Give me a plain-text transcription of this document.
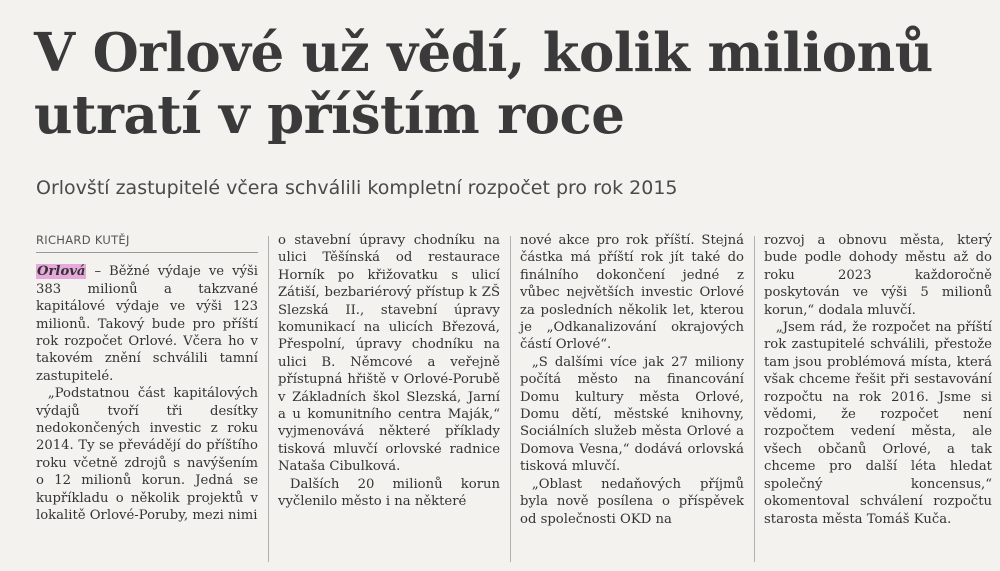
V Orlové už vědí, kolik milionů utratí v příštím roce

Orlovští zastupitelé včera schválili kompletní rozpočet pro rok 2015

RICHARD KUTĚJ

Orlová – Běžné výdaje ve výši 383 milionů a takzvané kapitálové výdaje ve výši 123 milionů. Takový bude pro příští rok rozpočet Orlové. Včera ho v takovém znění schválili tamní zastupitelé.

„Podstatnou část kapitálových výdajů tvoří tři desítky nedokončených investic z roku 2014. Ty se převádějí do příštího roku včetně zdrojů s navýšením o 12 milionů korun. Jedná se kupříkladu o několik projektů v lokalitě Orlové-Poruby, mezi nimi

o stavební úpravy chodníku na ulici Těšínská od restaurace Horník po křižovatku s ulicí Zátiší, bezbariérový přístup k ZŠ Slezská II., stavební úpravy komunikací na ulicích Březová, Přespolní, úpravy chodníku na ulici B. Němcové a veřejně přístupná hřiště v Orlové-Porubě v Základních škol Slezská, Jarní a u komunitního centra Maják,“ vyjmenovává některé příklady tisková mluvčí orlovské radnice Nataša Cibulková.

Dalších 20 milionů korun vyčlenilo město i na některé

nové akce pro rok příští. Stejná částka má příští rok jít také do finálního dokončení jedné z vůbec největších investic Orlové za posledních několik let, kterou je „Odkanalizování okrajových částí Orlové“.

„S dalšími více jak 27 miliony počítá město na financování Domu kultury města Orlové, Domu dětí, městské knihovny, Sociálních služeb města Orlové a Domova Vesna,“ dodává orlovská tisková mluvčí.

„Oblast nedaňových příjmů byla nově posílena o příspěvek od společnosti OKD na

rozvoj a obnovu města, který bude podle dohody městu až do roku 2023 každoročně poskytován ve výši 5 milionů korun,“ dodala mluvčí.

„Jsem rád, že rozpočet na příští rok zastupitelé schválili, přestože tam jsou problémová místa, která však chceme řešit při sestavování rozpočtu na rok 2016. Jsme si vědomi, že rozpočet není rozpočtem vedení města, ale všech občanů Orlové, a tak chceme pro další léta hledat společný koncensus,“ okomentoval schválení rozpočtu starosta města Tomáš Kuča.
